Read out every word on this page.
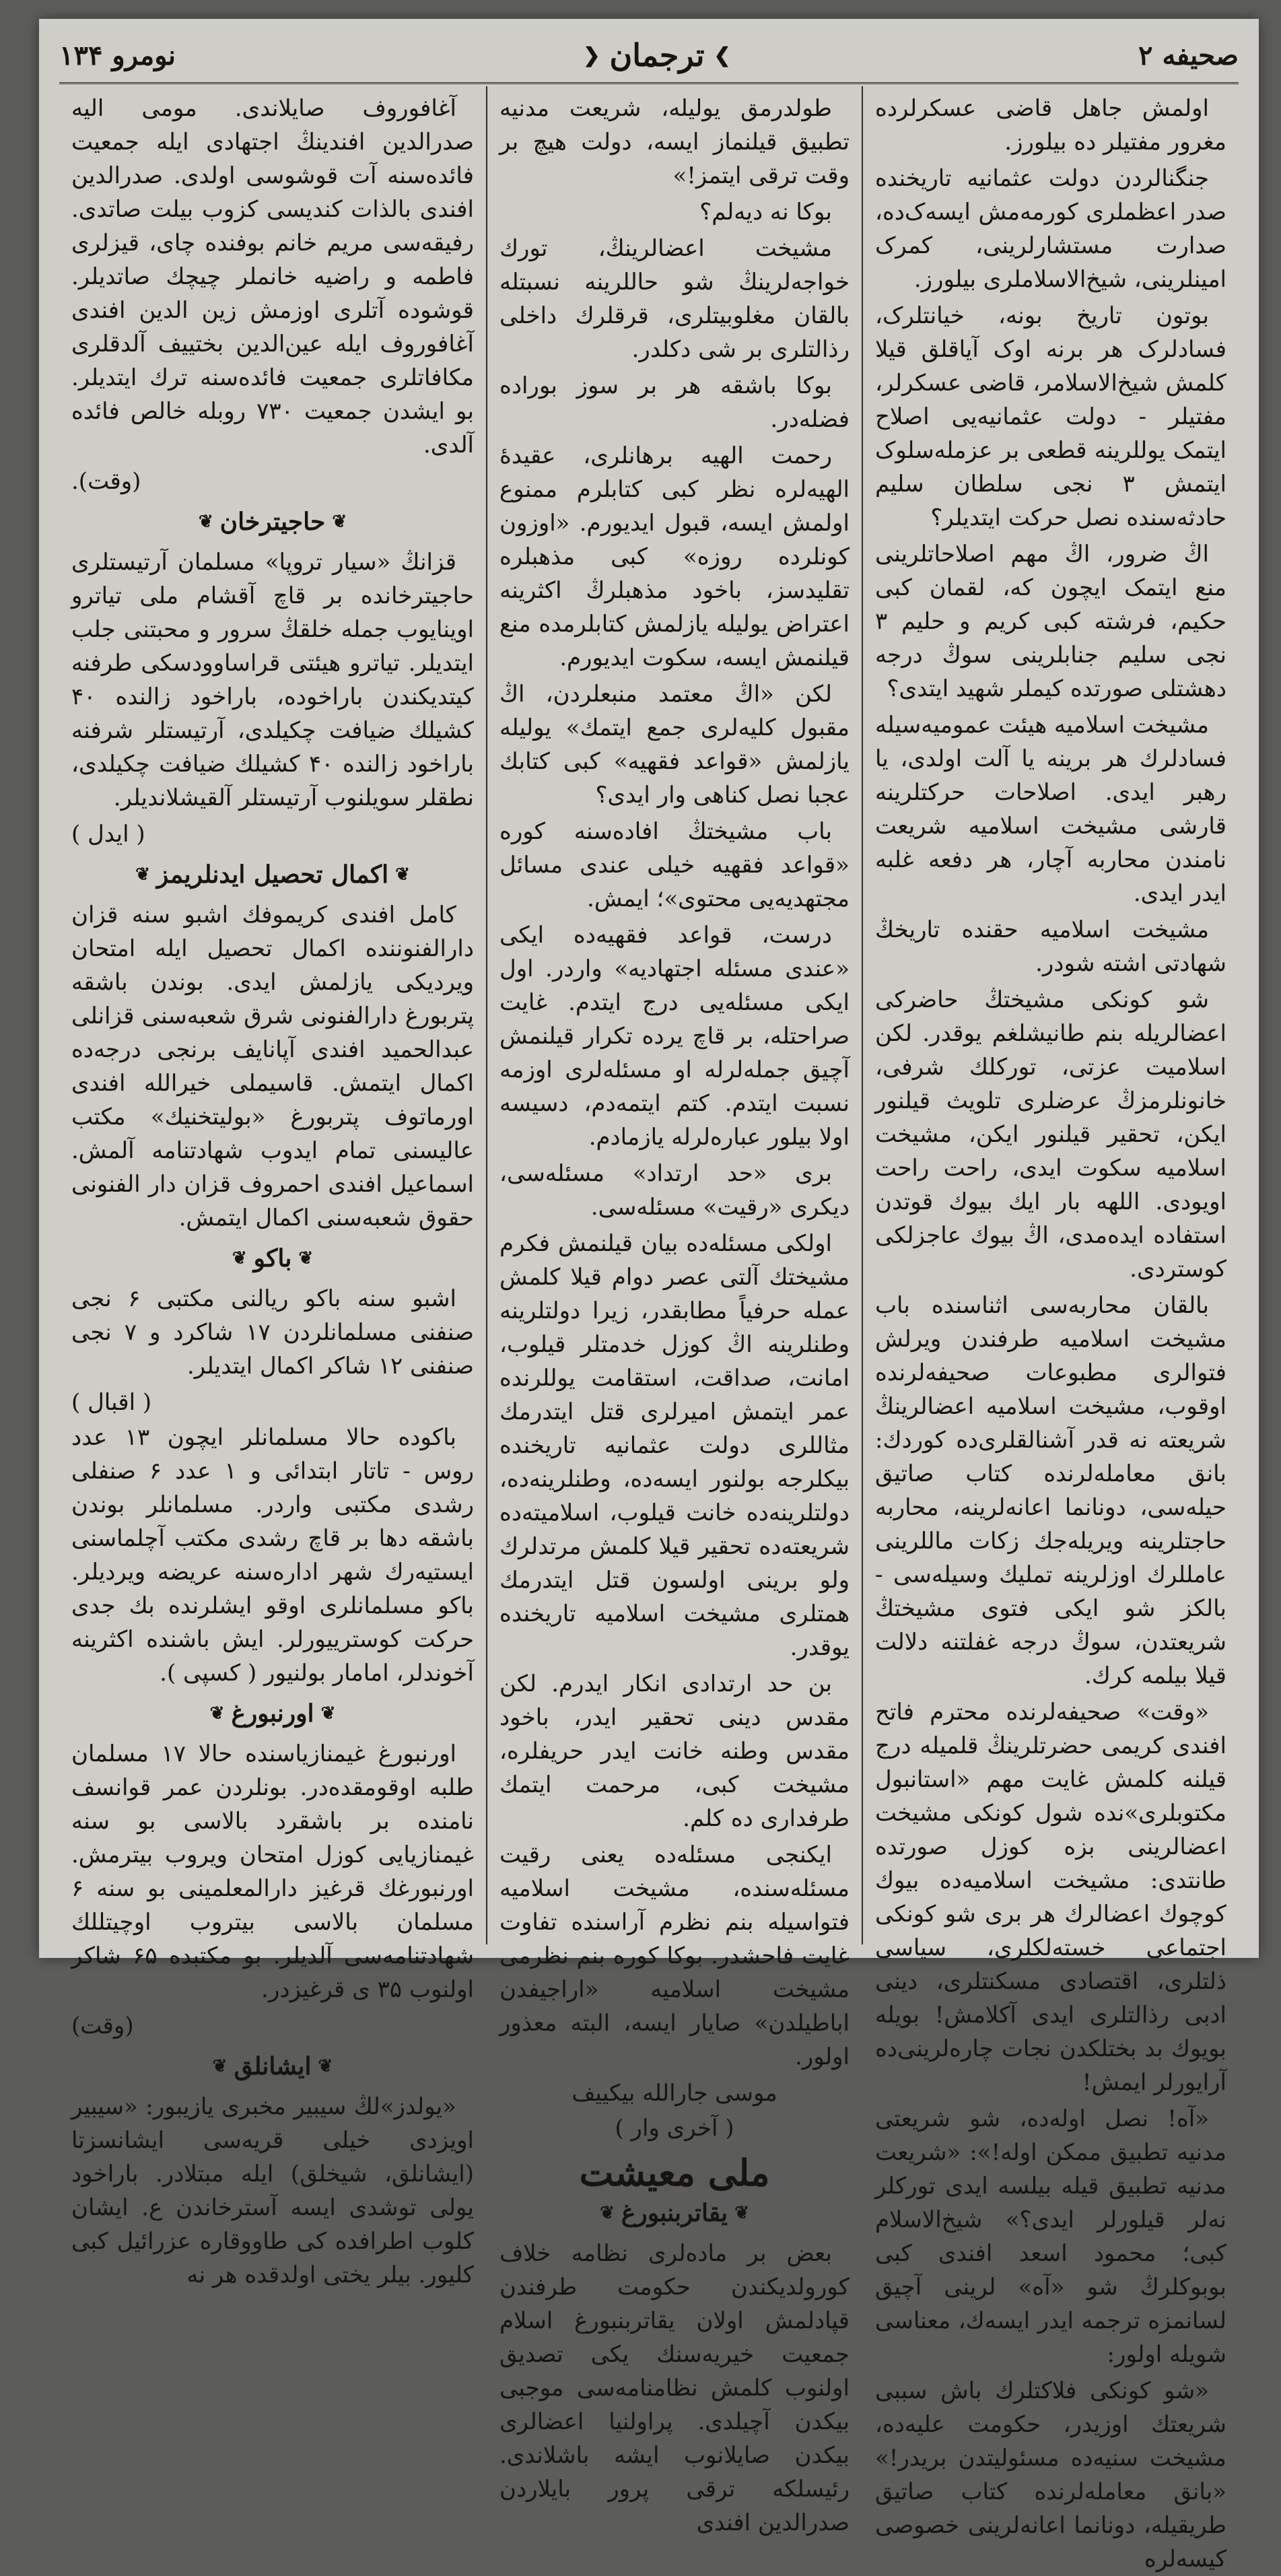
صحیفه ۲
❯
ترجمان
❮
نومرو ۱۳۴

اولمش جاهل قاضی عسکرلرده مغرور مفتیلر ده بیلورز.

جنگنالردن دولت عثمانیه تاریخنده صدر اعظملری کورمه‌مش ایسه‌ک‌ده، صدارت مستشارلرینی، کمرک امینلرینی، شیخ‌الاسلاملری بیلورز.

بوتون تاریخ بونه، خیانتلرک، فسادلرک هر برنه اوک آیاقلق قیلا کلمش شیخ‌الاسلامر، قاضی عسکرلر، مفتیلر - دولت عثمانیه‌یی اصلاح ایتمک یوللرینه قطعی بر عزمله‌سلوک ایتمش ۳ نجی سلطان سلیم حادثه‌سنده نصل حرکت ایتدیلر؟

اڭ ضرور، اڭ مهم اصلاحاتلرینی منع ایتمک ایچون که، لقمان کبی حکیم، فرشته کبی کریم و حلیم ۳ نجی سلیم جنابلرینی سوڭ درجه دهشتلی صورتده کیملر شهید ایتدی؟

مشیخت اسلامیه هیئت عمومیه‌سیله فسادلرك هر برینه یا آلت اولدی، یا رهبر ایدی. اصلاحات حرکتلرینه قارشی مشیخت اسلامیه شریعت نامندن محاربه آچار، هر دفعه غلبه ایدر ایدی.

مشیخت اسلامیه حقنده تاریخڭ شهادتی اشته شودر.

شو کونکی مشیختڭ حاضرکی اعضالریله بنم طانیشلغم یوقدر. لکن اسلامیت عزتی، تورکلك شرفی، خانونلرمزڭ عرضلری تلویث قیلنور ایکن، تحقیر قیلنور ایکن، مشیخت اسلامیه سکوت ایدی، راحت راحت اویودی. اللهه بار ایك بیوك قوتدن استفاده ایده‌مدی، اڭ بیوك عاجزلکی کوستردی.

بالقان محاربه‌سی اثناسنده باب مشیخت اسلامیه طرفندن ویرلش فتوالری مطبوعات صحیفه‌لرنده اوقوب، مشیخت اسلامیه اعضالرینڭ شریعته نه قدر آشنالقلری‌ده کوردك: بانق معامله‌لرنده کتاب صاتیق حیله‌سی، دونانما اعانه‌لرینه، محاربه حاجتلرینه ویریله‌جك زکات ماللرینی عامللرك اوزلرینه تملیك وسیله‌سی - بالکز شو ایکی فتوی مشیختڭ شریعتدن، سوڭ درجه غفلتنه دلالت قیلا بیلمه کرك.

«وقت» صحیفه‌لرنده محترم فاتح افندی کریمی حضرتلرینڭ قلمیله درج قیلنه کلمش غایت مهم «استانبول مکتوبلری»‌نده شول کونکی مشیخت اعضالرینی بزه کوزل صورتده طانتدی: مشیخت اسلامیه‌ده بیوك کوچوك اعضالرك هر بری شو کونکی اجتماعی خسته‌لکلری، سیاسی ذلتلری، اقتصادی مسکنتلری، دینی ادبی رذالتلری ایدی آکلامش! بویله بویوك بد بختلکدن نجات چاره‌لرینی‌ده آرایورلر ایمش!

«آه! نصل اوله‌ده، شو شریعتی مدنیه تطبیق ممکن اوله!»: «شریعت مدنیه تطبیق قیله بیلسه ایدی تورکلر نه‌لر قیلورلر ایدی؟» شیخ‌الاسلام کبی؛ محمود اسعد افندی کبی بوبوکلرڭ شو «آه» لرینی آچیق لسانمزه ترجمه ایدر ایسه‌ك، معناسی شویله اولور:

«شو کونکی فلاکتلرك باش سببی شریعتك اوزیدر، حکومت علیه‌ده، مشیخت سنیه‌ده مسئولیتدن بریدر!» «بانق معامله‌لرنده کتاب صاتیق طریقیله، دونانما اعانه‌لرینی خصوصی کیسه‌لره

طولدرمق یولیله، شریعت مدنیه تطبیق قیلنماز ایسه، دولت هیچ بر وقت ترقی ایتمز!»

بوکا نه دیه‌لم؟

مشیخت اعضالرینڭ، تورك خواجه‌لرینڭ شو حاللرینه نسبتله بالقان مغلوبیتلری، قرقلرك داخلی رذالتلری بر شی دکلدر.

بوکا باشقه هر بر سوز بوراده فضله‌در.

رحمت الهیه برهانلری، عقیدهٔ الهیه‌لره نظر کبی کتابلرم ممنوع اولمش ایسه، قبول ایدیورم. «اوزون کونلرده روزه» کبی مذهبلره تقلیدسز، باخود مذهبلرڭ اکثرینه اعتراض یولیله یازلمش کتابلرمده منع قیلنمش ایسه، سکوت ایدیورم.

لکن «اڭ معتمد منبعلردن، اڭ مقبول کلیه‌لری جمع ایتمك» یولیله یازلمش «قواعد فقهیه» کبی کتابك عجبا نصل کناهی وار ایدی؟

باب مشیختڭ افاده‌سنه کوره «قواعد فقهیه خیلی عندی مسائل مجتهدیه‌یی محتوی»؛ ایمش.

درست، قواعد فقهیه‌ده ایکی «عندی مسئله اجتهادیه» واردر. اول ایکی مسئله‌یی درج ایتدم. غایت صراحتله، بر قاچ یرده تکرار قیلنمش آچیق جمله‌لرله او مسئله‌لری اوزمه نسبت ایتدم. کتم ایتمه‌دم، دسیسه اولا بیلور عباره‌لرله یازمادم.

بری «حد ارتداد» مسئله‌سی، دیکری «رقیت» مسئله‌سی.

اولکی مسئله‌ده بیان قیلنمش فکرم مشیختك آلتی عصر دوام قیلا کلمش عمله حرفیاً مطابقدر، زیرا دولتلرینه وطنلرینه اڭ کوزل خدمتلر قیلوب، امانت، صداقت، استقامت یوللرنده عمر ایتمش امیرلری قتل ایتدرمك مثاللری دولت عثمانیه تاریخنده بیکلرجه بولنور ایسه‌ده، وطنلرینه‌ده، دولتلرینه‌ده خانت قیلوب، اسلامیته‌ده شریعته‌ده تحقیر قیلا کلمش مرتدلرك ولو برینی اولسون قتل ایتدرمك همتلری مشیخت اسلامیه تاریخنده یوقدر.

بن حد ارتدادی انکار ایدرم. لکن مقدس دینی تحقیر ایدر، باخود مقدس وطنه خانت ایدر حریفلره، مشیخت کبی، مرحمت ایتمك طرفداری ده کلم.

ایکنجی مسئله‌ده یعنی رقیت مسئله‌سنده، مشیخت اسلامیه فتواسیله بنم نظرم آراسنده تفاوت غایت فاحشدر. بوکا کوره بنم نظرمی مشیخت اسلامیه «اراجیفدن اباطیلدن» صایار ایسه، البته معذور اولور.

موسی جارالله بیکییف

( آخری وار )

ملی معیشت
❦
یقاتربنبورغ
❦

بعض بر ماده‌لری نظامه خلاف کورولدیکندن حکومت طرفندن قپادلمش اولان یقاتربنبورغ اسلام جمعیت خیریه‌سنك یکی تصدیق اولنوب کلمش نظامنامه‌سی موجبی بیکدن آچیلدی. پراولنیا اعضالری بیکدن صایلانوب ایشه باشلاندی. رئیسلکه ترقی پرور بایلاردن صدرالدین افندی

آغافوروف صایلاندی. مومی الیه صدرالدین افندینڭ اجتهادی ایله جمعیت فائده‌سنه آت قوشوسی اولدی. صدرالدین افندی بالذات کندیسی کزوب بیلت صاتدی. رفیقه‌سی مریم خانم بوفنده چای، قیزلری فاطمه و راضیه خانملر چیچك صاتدیلر. قوشوده آتلری اوزمش زین الدین افندی آغافوروف ایله عین‌الدین بختییف آلدقلری مکافاتلری جمعیت فائده‌سنه ترك ایتدیلر. بو ایشدن جمعیت ۷۳۰ روبله خالص فائده آلدی.

(وقت).

❦
حاجیترخان
❦

قزانڭ «سیار تروپا» مسلمان آرتیستلری حاجیترخانده بر قاچ آقشام ملی تیاترو اوینایوب جمله خلقڭ سرور و محبتنی جلب ایتدیلر. تیاترو هیئتی قراساوودسکی طرفنه کیتدیکندن باراخوده، باراخود زالنده ۴۰ کشیلك ضیافت چکیلدی، آرتیستلر شرفنه باراخود زالنده ۴۰ کشیلك ضیافت چکیلدی، نطقلر سویلنوب آرتیستلر آلقیشلاندیلر.

( ایدل )

❦
اکمال تحصیل ایدنلریمز
❦

کامل افندی کریموفك اشبو سنه قزان دارالفنوننده اکمال تحصیل ایله امتحان ویردیکی یازلمش ایدی. بوندن باشقه پتربورغ دارالفنونی شرق شعبه‌سنی قزانلی عبدالحمید افندی آپانایف برنجی درجه‌ده اکمال ایتمش. قاسیملی خیرالله افندی اورماتوف پتربورغ «بولیتخنیك» مکتب عالیسنی تمام ایدوب شهادتنامه آلمش. اسماعیل افندی احمروف قزان دار الفنونی حقوق شعبه‌سنی اکمال ایتمش.

❦
باکو
❦

اشبو سنه باکو ریالنی مکتبی ۶ نجی صنفنی مسلمانلردن ۱۷ شاکرد و ۷ نجی صنفنی ۱۲ شاکر اکمال ایتدیلر.

( اقبال )

باکوده حالا مسلمانلر ایچون ۱۳ عدد روس - تاتار ابتدائی و ۱ عدد ۶ صنفلی رشدی مکتبی واردر. مسلمانلر بوندن باشقه دها بر قاچ رشدی مکتب آچلماسنی ایستیه‌رك شهر اداره‌سنه عریضه ویردیلر. باکو مسلمانلری اوقو ایشلرنده بك جدی حرکت کوسترییورلر. ایش باشنده اکثرینه آخوندلر، امامار بولنیور ( کسپی ).

❦
اورنبورغ
❦

اورنبورغ غیمنازیاسنده حالا ۱۷ مسلمان طلبه اوقومقده‌در. بونلردن عمر قوانسف نامنده بر باشقرد بالاسی بو سنه غیمنازیایی کوزل امتحان ویروب بیترمش. اورنبورغك قرغیز دارالمعلمینی بو سنه ۶ مسلمان بالاسی بیتروب اوچیتللك شهادتنامه‌سی آلدیلر. بو مکتبده ۶۵ شاکر اولنوب ۳۵ ی قرغیزدر.

(وقت)

❦
ایشانلق
❦

«یولدز»‌لڭ سیبیر مخبری یازیبور: «سیبیر اویزدی خیلی قریه‌سی ایشانسزتا (ایشانلق، شیخلق) ایله مبتلادر. باراخود یولی توشدی ایسه آسترخاندن ع. ایشان کلوب اطرافده کی طاووقاره عزرائیل کبی کلیور. بیلر یختی اولدقده هر نه
